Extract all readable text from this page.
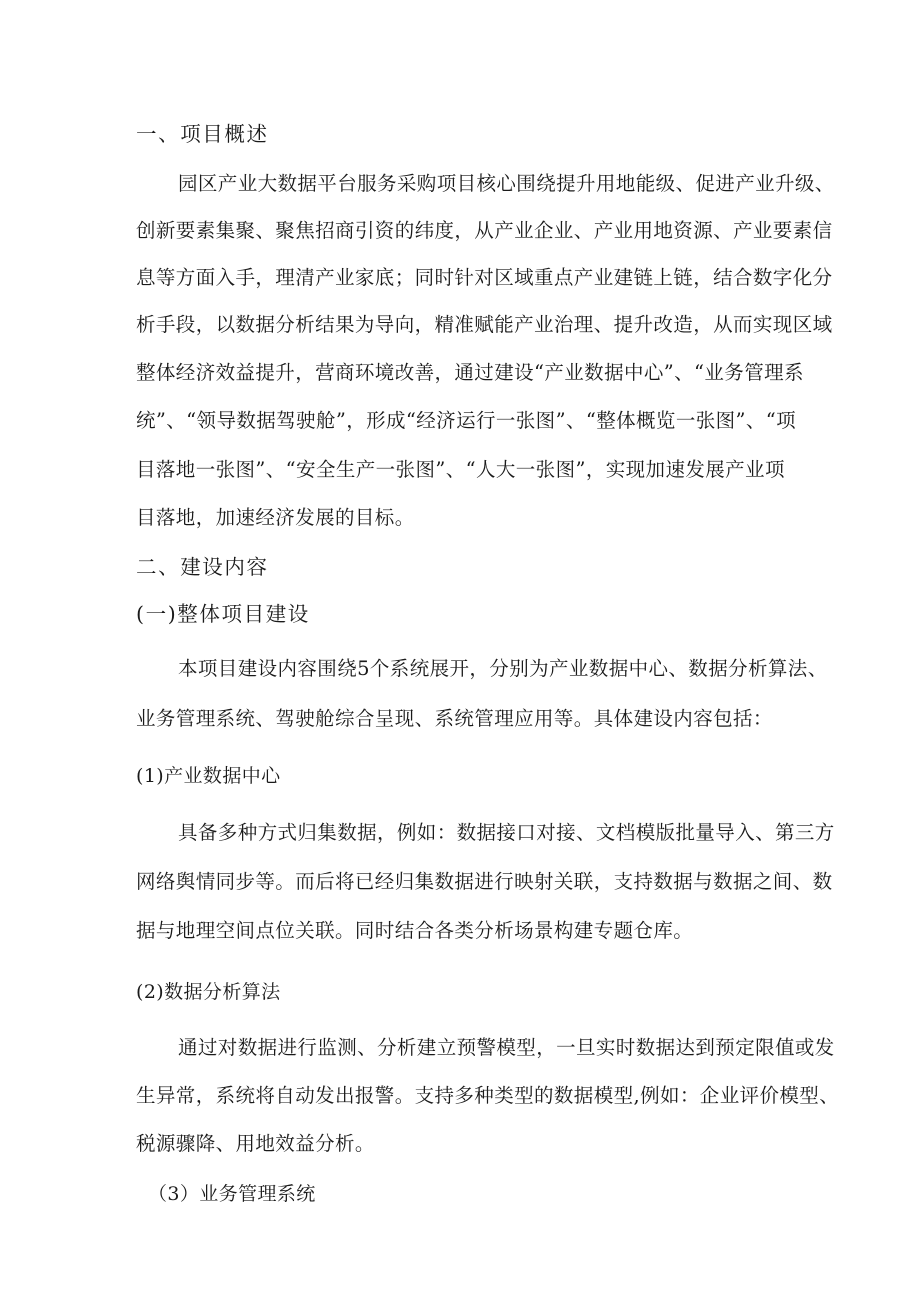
一、项目概述
园区产业大数据平台服务采购项目核心围绕提升用地能级、促进产业升级、
创新要素集聚、聚焦招商引资的纬度，从产业企业、产业用地资源、产业要素信
息等方面入手，理清产业家底；同时针对区域重点产业建链上链，结合数字化分
析手段，以数据分析结果为导向，精准赋能产业治理、提升改造，从而实现区域
整体经济效益提升，营商环境改善，通过建设“产业数据中心”、“业务管理系
统”、“领导数据驾驶舱”，形成“经济运行一张图”、“整体概览一张图”、“项
目落地一张图”、“安全生产一张图”、“人大一张图”，实现加速发展产业项
目落地，加速经济发展的目标。
二、建设内容
(一)整体项目建设
本项目建设内容围绕5个系统展开，分别为产业数据中心、数据分析算法、
业务管理系统、驾驶舱综合呈现、系统管理应用等。具体建设内容包括：
(1)产业数据中心
具备多种方式归集数据，例如：数据接口对接、文档模版批量导入、第三方
网络舆情同步等。而后将已经归集数据进行映射关联，支持数据与数据之间、数
据与地理空间点位关联。同时结合各类分析场景构建专题仓库。
(2)数据分析算法
通过对数据进行监测、分析建立预警模型，一旦实时数据达到预定限值或发
生异常，系统将自动发出报警。支持多种类型的数据模型,例如：企业评价模型、
税源骤降、用地效益分析。
（3）业务管理系统
